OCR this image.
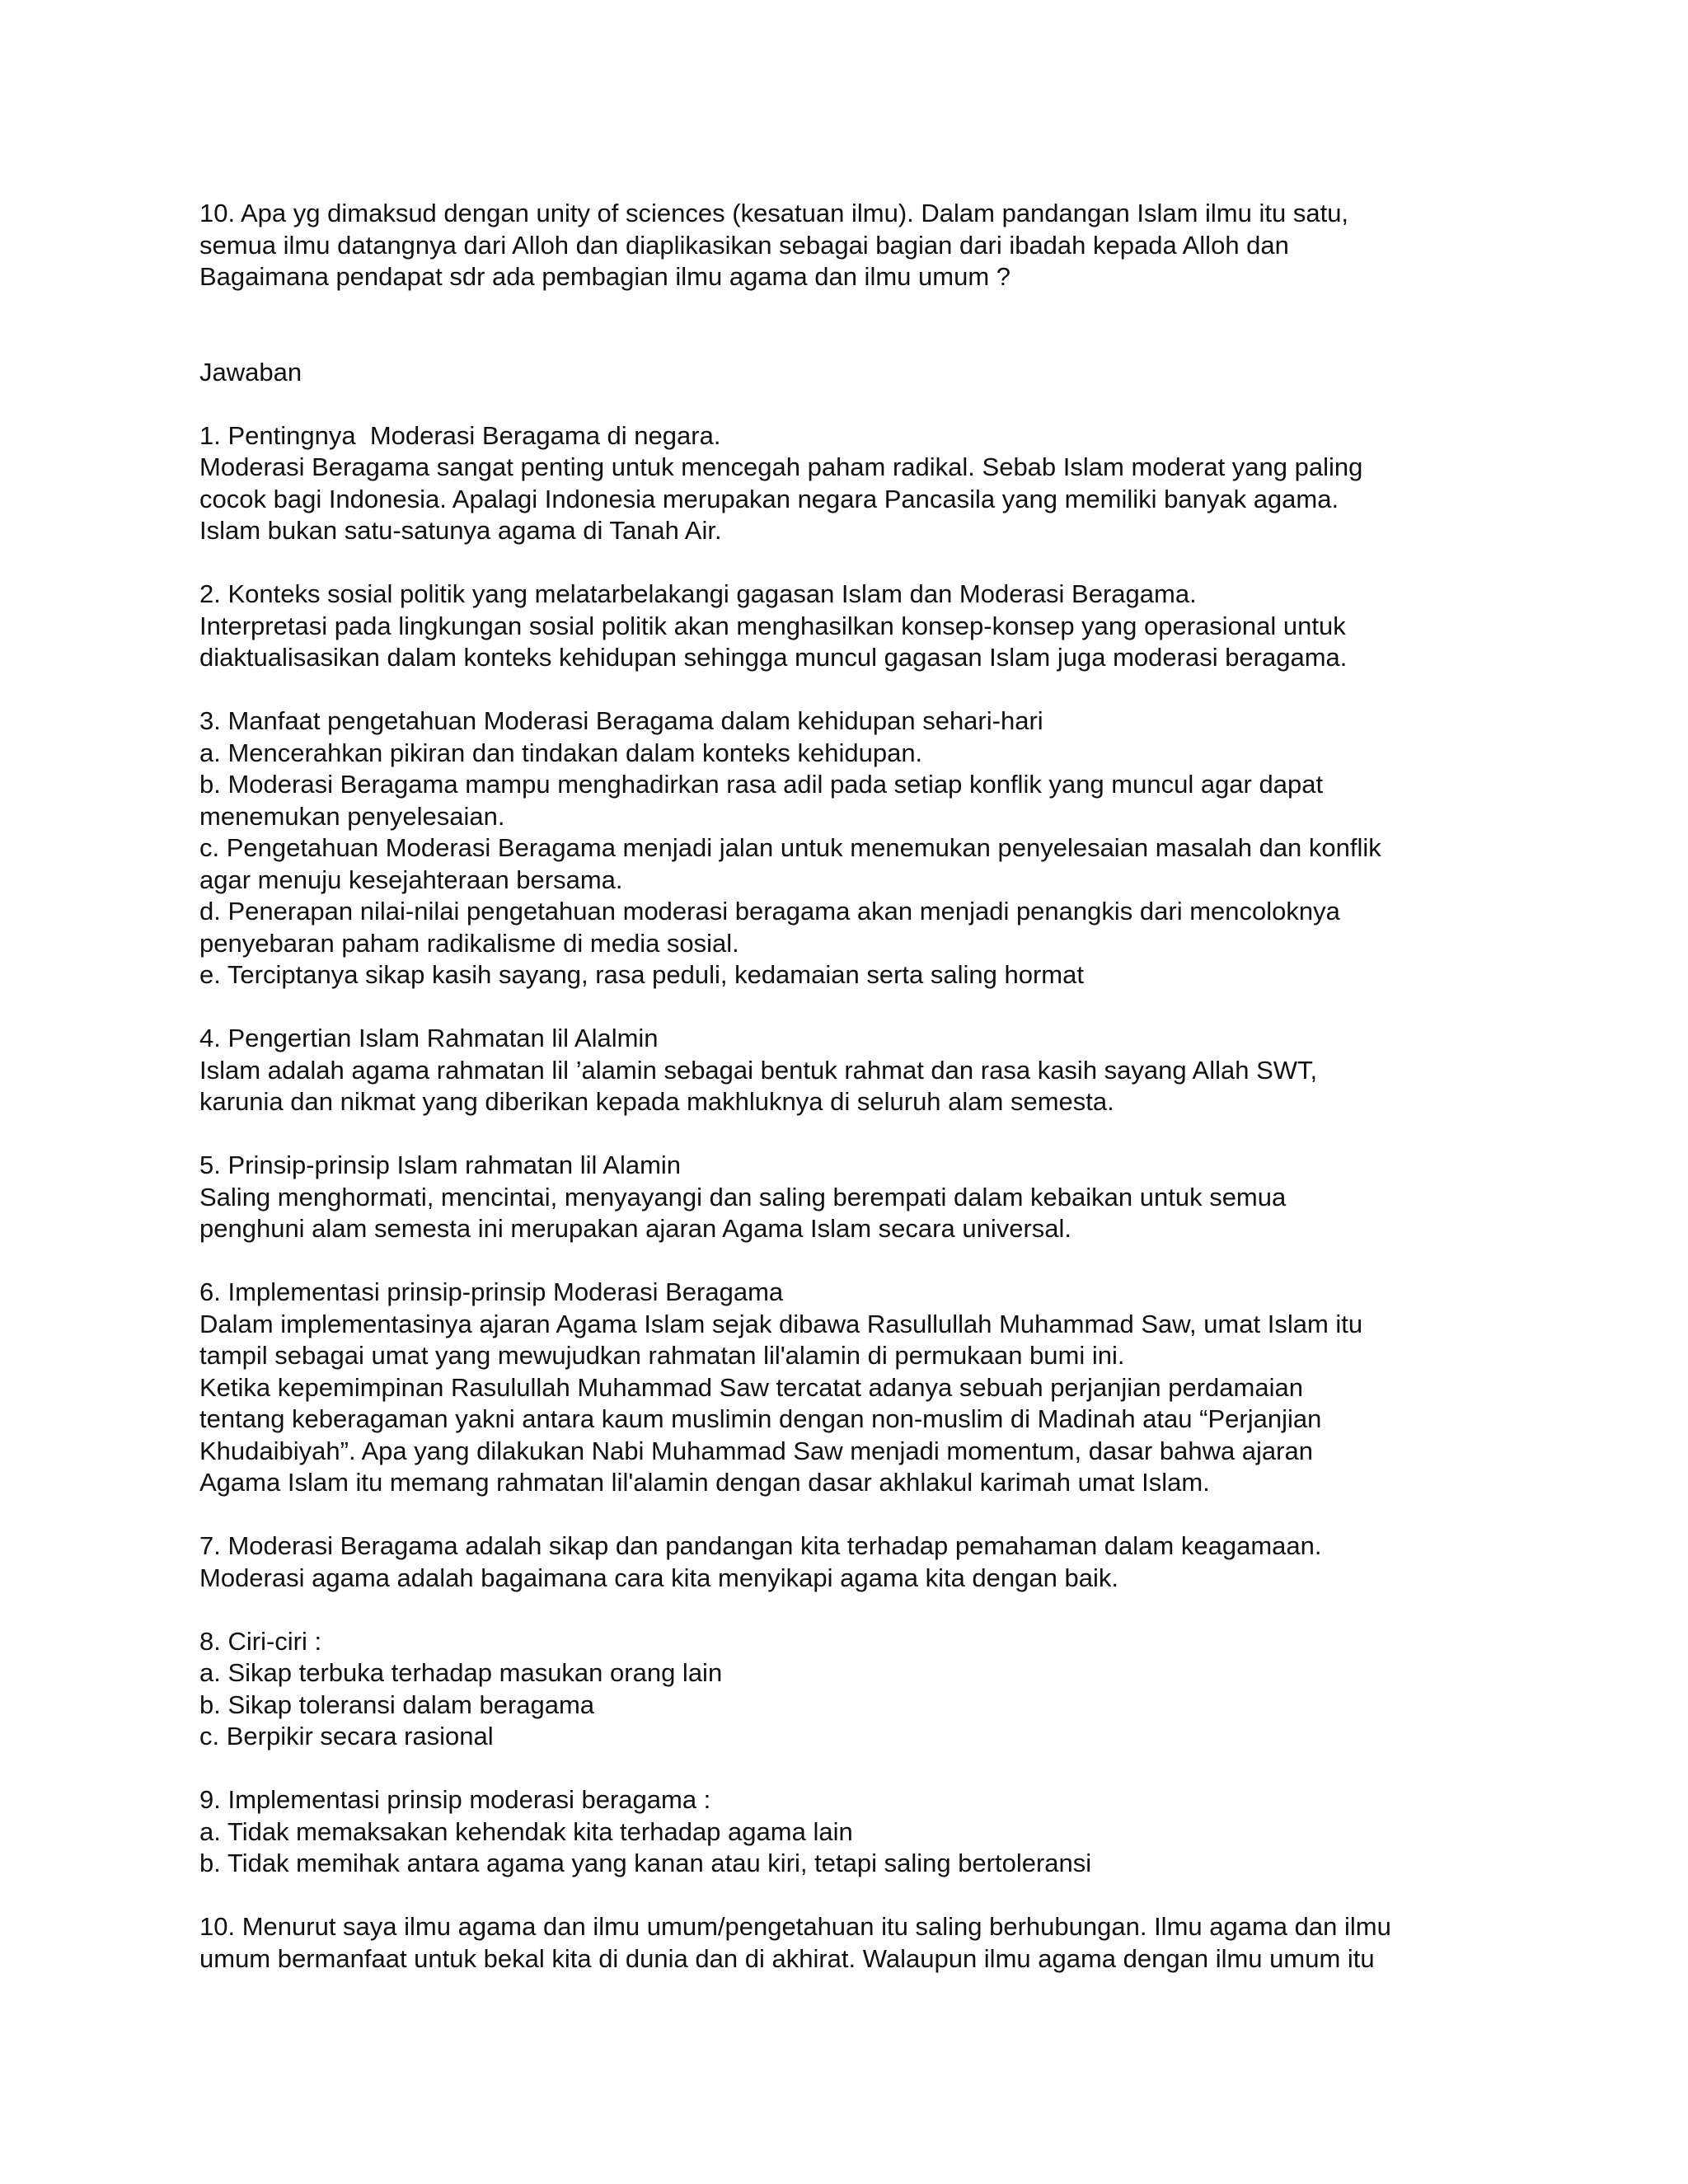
10. Apa yg dimaksud dengan unity of sciences (kesatuan ilmu). Dalam pandangan Islam ilmu itu satu,
semua ilmu datangnya dari Alloh dan diaplikasikan sebagai bagian dari ibadah kepada Alloh dan
Bagaimana pendapat sdr ada pembagian ilmu agama dan ilmu umum ?
Jawaban
1. Pentingnya  Moderasi Beragama di negara.
Moderasi Beragama sangat penting untuk mencegah paham radikal. Sebab Islam moderat yang paling
cocok bagi Indonesia. Apalagi Indonesia merupakan negara Pancasila yang memiliki banyak agama.
Islam bukan satu-satunya agama di Tanah Air.
2. Konteks sosial politik yang melatarbelakangi gagasan Islam dan Moderasi Beragama.
Interpretasi pada lingkungan sosial politik akan menghasilkan konsep-konsep yang operasional untuk
diaktualisasikan dalam konteks kehidupan sehingga muncul gagasan Islam juga moderasi beragama.
3. Manfaat pengetahuan Moderasi Beragama dalam kehidupan sehari-hari
a. Mencerahkan pikiran dan tindakan dalam konteks kehidupan.
b. Moderasi Beragama mampu menghadirkan rasa adil pada setiap konflik yang muncul agar dapat
menemukan penyelesaian.
c. Pengetahuan Moderasi Beragama menjadi jalan untuk menemukan penyelesaian masalah dan konflik
agar menuju kesejahteraan bersama.
d. Penerapan nilai-nilai pengetahuan moderasi beragama akan menjadi penangkis dari mencoloknya
penyebaran paham radikalisme di media sosial.
e. Terciptanya sikap kasih sayang, rasa peduli, kedamaian serta saling hormat
4. Pengertian Islam Rahmatan lil Alalmin
Islam adalah agama rahmatan lil ’alamin sebagai bentuk rahmat dan rasa kasih sayang Allah SWT,
karunia dan nikmat yang diberikan kepada makhluknya di seluruh alam semesta.
5. Prinsip-prinsip Islam rahmatan lil Alamin
Saling menghormati, mencintai, menyayangi dan saling berempati dalam kebaikan untuk semua
penghuni alam semesta ini merupakan ajaran Agama Islam secara universal.
6. Implementasi prinsip-prinsip Moderasi Beragama
Dalam implementasinya ajaran Agama Islam sejak dibawa Rasullullah Muhammad Saw, umat Islam itu
tampil sebagai umat yang mewujudkan rahmatan lil'alamin di permukaan bumi ini.
Ketika kepemimpinan Rasulullah Muhammad Saw tercatat adanya sebuah perjanjian perdamaian
tentang keberagaman yakni antara kaum muslimin dengan non-muslim di Madinah atau “Perjanjian
Khudaibiyah”. Apa yang dilakukan Nabi Muhammad Saw menjadi momentum, dasar bahwa ajaran
Agama Islam itu memang rahmatan lil'alamin dengan dasar akhlakul karimah umat Islam.
7. Moderasi Beragama adalah sikap dan pandangan kita terhadap pemahaman dalam keagamaan.
Moderasi agama adalah bagaimana cara kita menyikapi agama kita dengan baik.
8. Ciri-ciri :
a. Sikap terbuka terhadap masukan orang lain
b. Sikap toleransi dalam beragama
c. Berpikir secara rasional
9. Implementasi prinsip moderasi beragama :
a. Tidak memaksakan kehendak kita terhadap agama lain
b. Tidak memihak antara agama yang kanan atau kiri, tetapi saling bertoleransi
10. Menurut saya ilmu agama dan ilmu umum/pengetahuan itu saling berhubungan. Ilmu agama dan ilmu
umum bermanfaat untuk bekal kita di dunia dan di akhirat. Walaupun ilmu agama dengan ilmu umum itu
